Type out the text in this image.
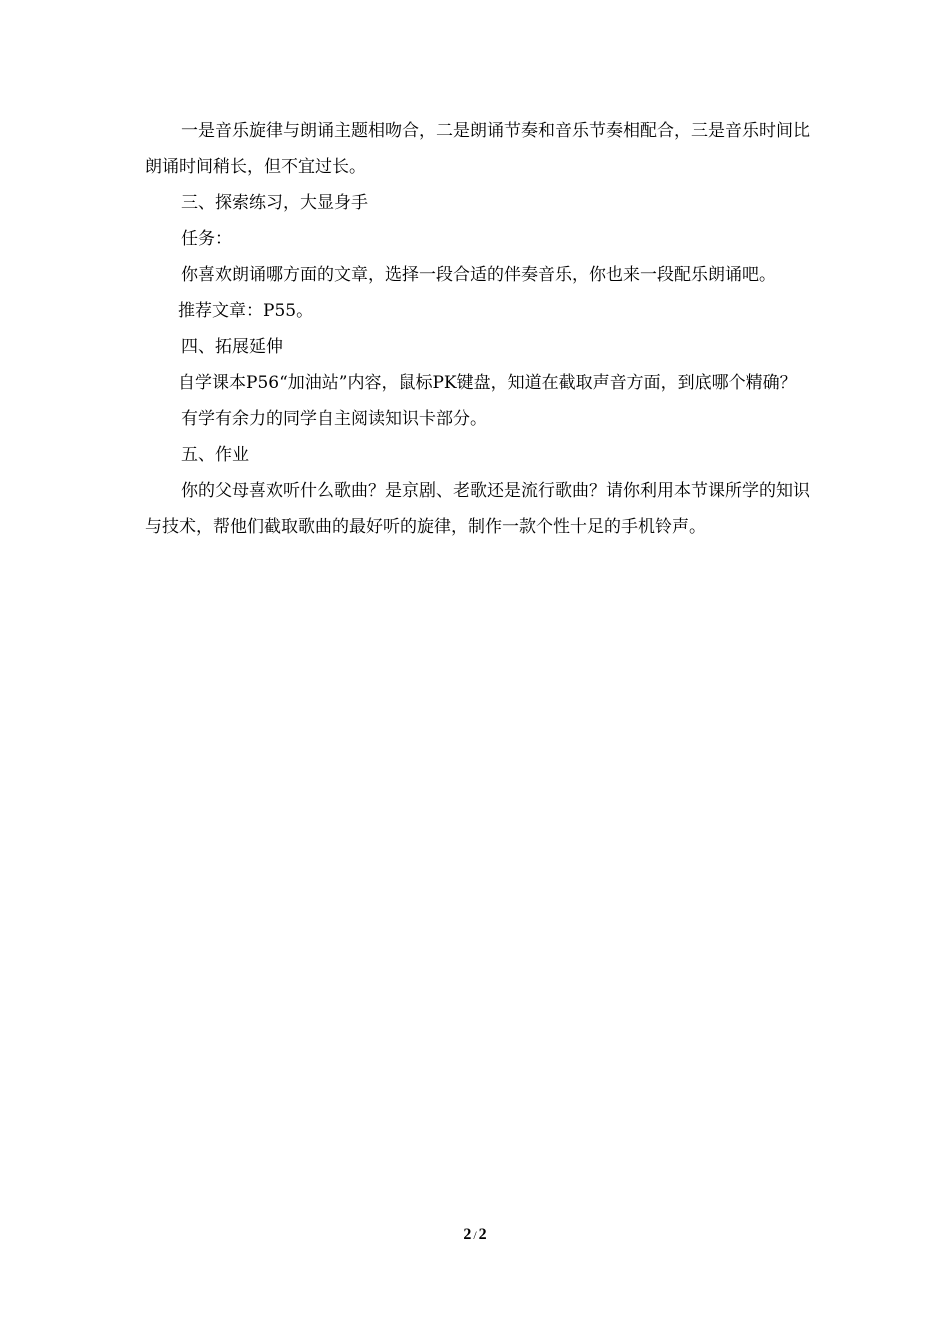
一是音乐旋律与朗诵主题相吻合，二是朗诵节奏和音乐节奏相配合，三是音乐时间比朗诵时间稍长，但不宜过长。

三、探索练习，大显身手

任务：

你喜欢朗诵哪方面的文章，选择一段合适的伴奏音乐，你也来一段配乐朗诵吧。

推荐文章：P55。

四、拓展延伸

自学课本P56“加油站”内容，鼠标PK键盘，知道在截取声音方面，到底哪个精确？

有学有余力的同学自主阅读知识卡部分。

五、作业

你的父母喜欢听什么歌曲？是京剧、老歌还是流行歌曲？请你利用本节课所学的知识与技术，帮他们截取歌曲的最好听的旋律，制作一款个性十足的手机铃声。

2 / 2
